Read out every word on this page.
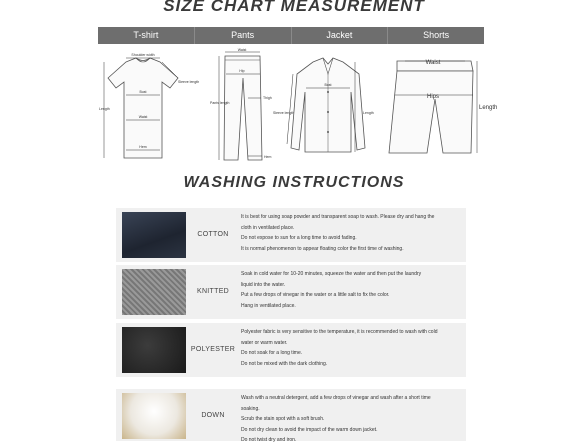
SIZE CHART MEASUREMENT
T-shirt	Pants	Jacket	Shorts
Shoulder width
Sleeve length
Length
Bust
Waist
Hem
Waist
Hip
Pants length
Thigh
Hem
Sleeve length
Bust
Length
Waist
Hips
Length
WASHING INSTRUCTIONS
COTTON
It is best for using soap powder and transparent soap to wash. Please dry and hang the
cloth in ventilated place.
Do not expose to sun for a long time to avoid fading.
It is normal phenomenon to appear floating color the first time of washing.
KNITTED
Soak in cold water for 10-20 minutes, squeeze the water and then put the laundry
liquid into the water.
Put a few drops of vinegar in the water or a little salt to fix the color.
Hang in ventilated place.
POLYESTER
Polyester fabric is very sensitive to the temperature, it is recommended to wash with cold
water or warm water.
Do not soak for a long time.
Do not be mixed with the dark clothing.
DOWN
Wash with a neutral detergent, add a few drops of vinegar and wash after a short time
soaking.
Scrub the stain spot with a soft brush.
Do not dry clean to avoid the impact of the warm down jacket.
Do not twist dry and iron.
